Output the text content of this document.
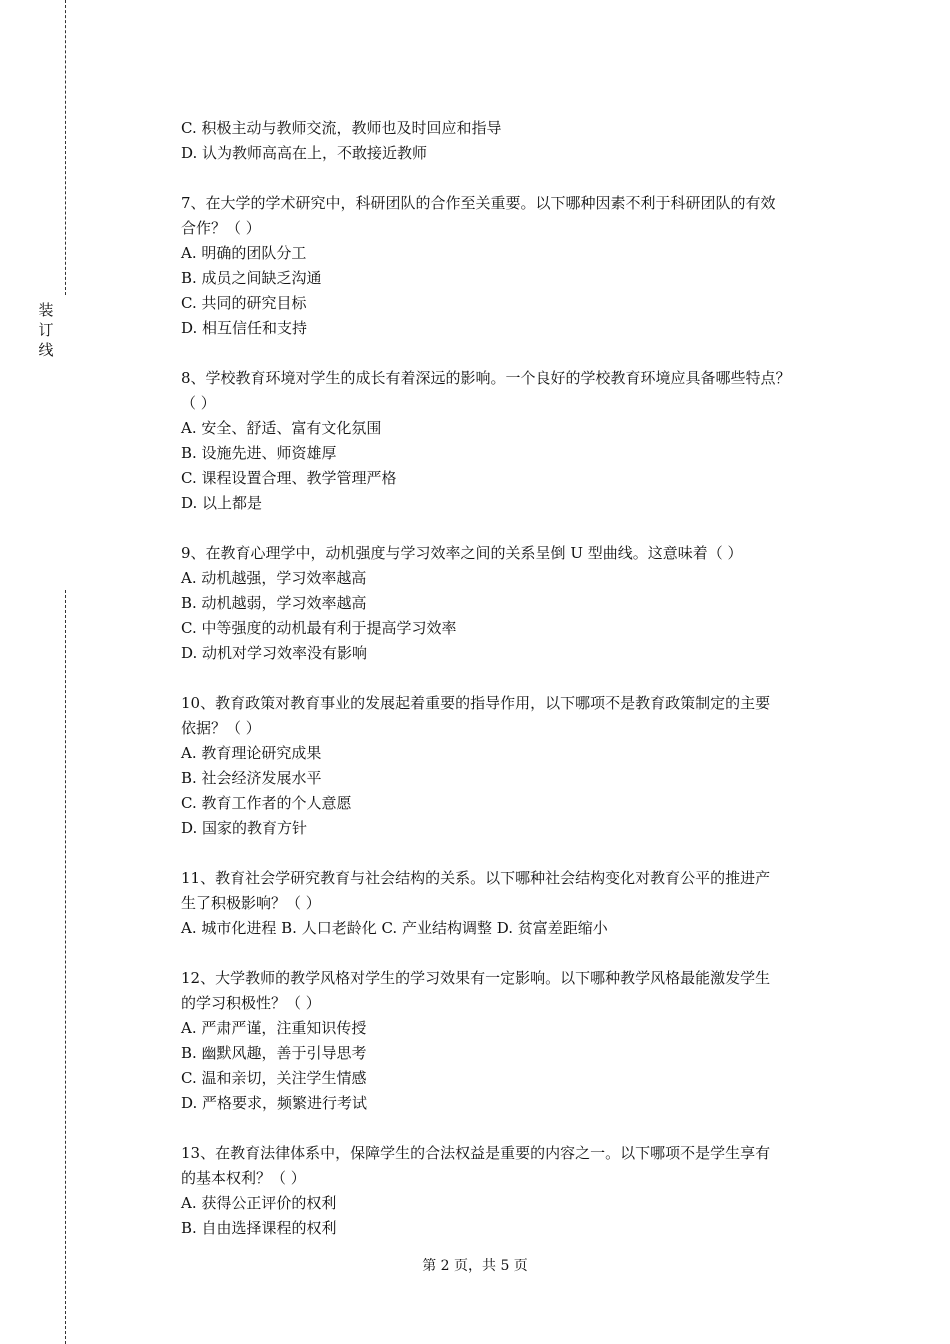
装
订
线

C. 积极主动与教师交流，教师也及时回应和指导

D. 认为教师高高在上，不敢接近教师

7、在大学的学术研究中，科研团队的合作至关重要。以下哪种因素不利于科研团队的有效

合作？（ ）

A. 明确的团队分工

B. 成员之间缺乏沟通

C. 共同的研究目标

D. 相互信任和支持

8、学校教育环境对学生的成长有着深远的影响。一个良好的学校教育环境应具备哪些特点？

（ ）

A. 安全、舒适、富有文化氛围

B. 设施先进、师资雄厚

C. 课程设置合理、教学管理严格

D. 以上都是

9、在教育心理学中，动机强度与学习效率之间的关系呈倒 U 型曲线。这意味着（ ）

A. 动机越强，学习效率越高

B. 动机越弱，学习效率越高

C. 中等强度的动机最有利于提高学习效率

D. 动机对学习效率没有影响

10、教育政策对教育事业的发展起着重要的指导作用，以下哪项不是教育政策制定的主要

依据？（ ）

A. 教育理论研究成果

B. 社会经济发展水平

C. 教育工作者的个人意愿

D. 国家的教育方针

11、教育社会学研究教育与社会结构的关系。以下哪种社会结构变化对教育公平的推进产

生了积极影响？（ ）

A. 城市化进程 B. 人口老龄化 C. 产业结构调整 D. 贫富差距缩小

12、大学教师的教学风格对学生的学习效果有一定影响。以下哪种教学风格最能激发学生

的学习积极性？（ ）

A. 严肃严谨，注重知识传授

B. 幽默风趣，善于引导思考

C. 温和亲切，关注学生情感

D. 严格要求，频繁进行考试

13、在教育法律体系中，保障学生的合法权益是重要的内容之一。以下哪项不是学生享有

的基本权利？（ ）

A. 获得公正评价的权利

B. 自由选择课程的权利

第 2 页，共 5 页
